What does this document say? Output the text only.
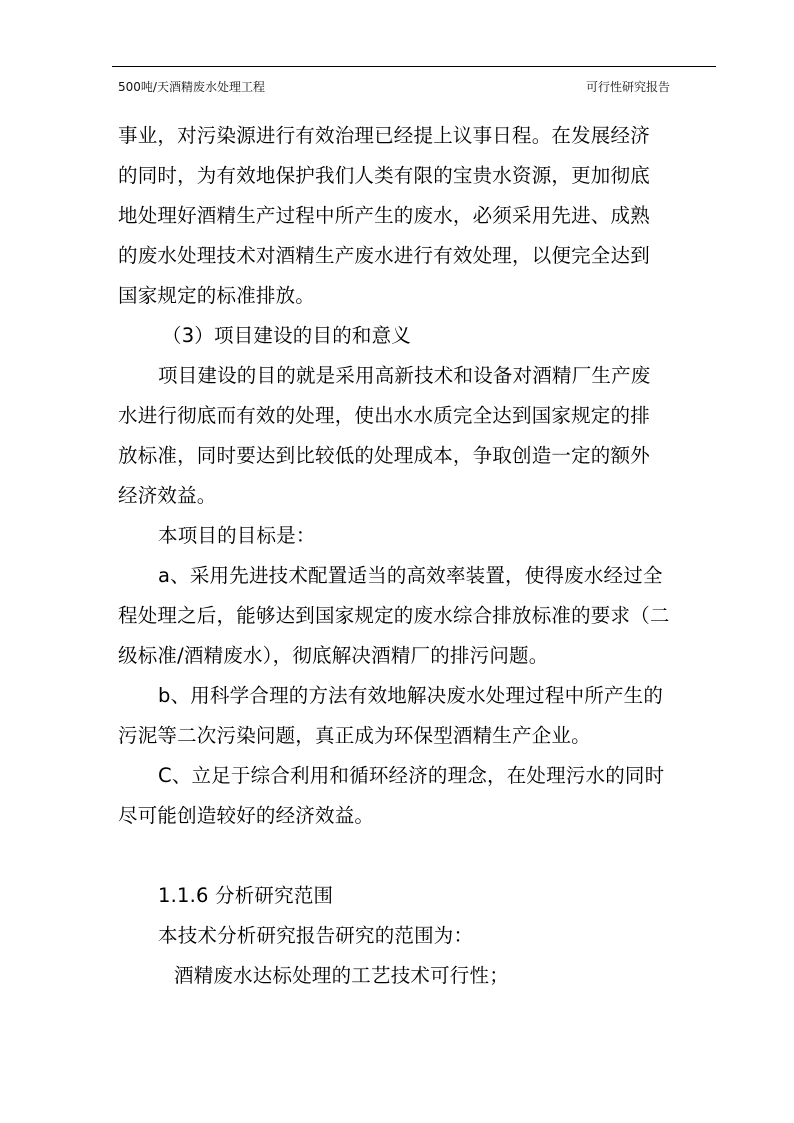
500吨/天酒精废水处理工程	可行性研究报告

事业，对污染源进行有效治理已经提上议事日程。在发展经济

的同时，为有效地保护我们人类有限的宝贵水资源，更加彻底

地处理好酒精生产过程中所产生的废水，必须采用先进、成熟

的废水处理技术对酒精生产废水进行有效处理，以便完全达到

国家规定的标准排放。

（3）项目建设的目的和意义

项目建设的目的就是采用高新技术和设备对酒精厂生产废

水进行彻底而有效的处理，使出水水质完全达到国家规定的排

放标准，同时要达到比较低的处理成本，争取创造一定的额外

经济效益。

本项目的目标是：

a、采用先进技术配置适当的高效率装置，使得废水经过全

程处理之后，能够达到国家规定的废水综合排放标准的要求（二

级标准/酒精废水），彻底解决酒精厂的排污问题。

b、用科学合理的方法有效地解决废水处理过程中所产生的

污泥等二次污染问题，真正成为环保型酒精生产企业。

C、立足于综合利用和循环经济的理念，在处理污水的同时

尽可能创造较好的经济效益。

1.1.6 分析研究范围

本技术分析研究报告研究的范围为：

酒精废水达标处理的工艺技术可行性；
